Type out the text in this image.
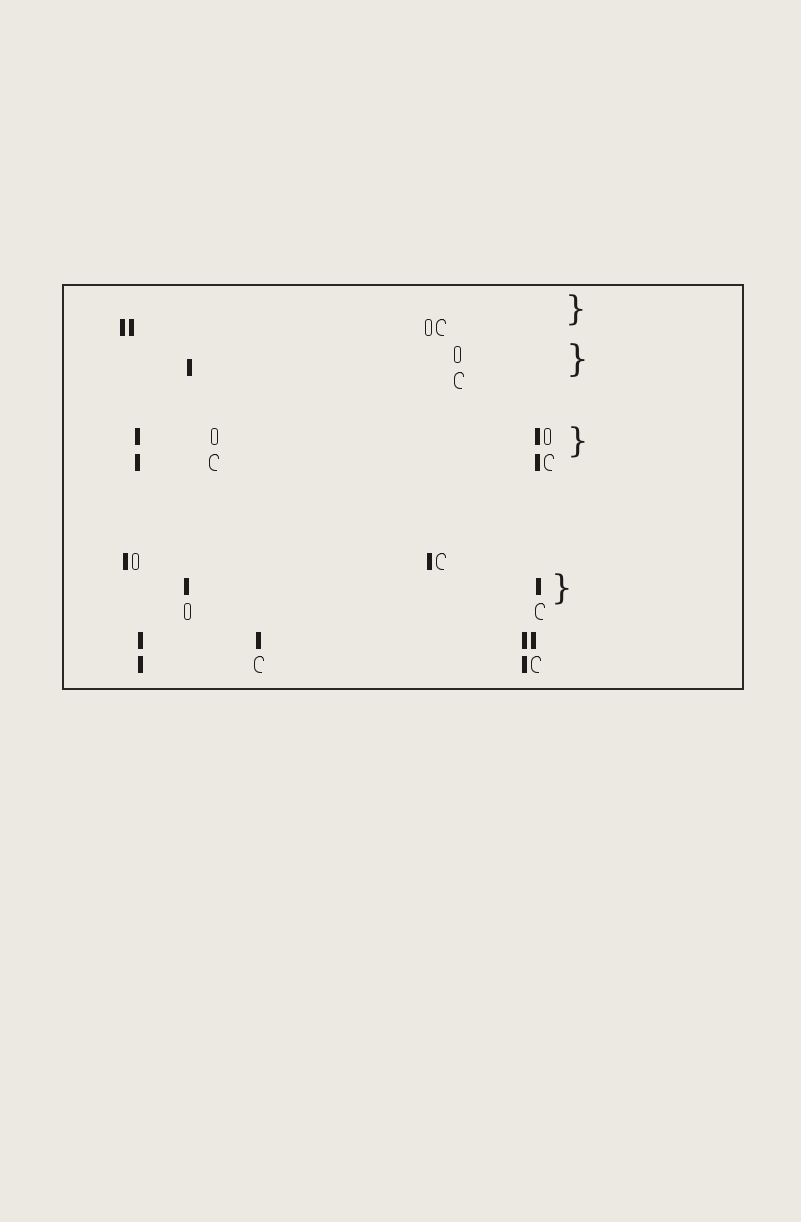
}
}
}
}
